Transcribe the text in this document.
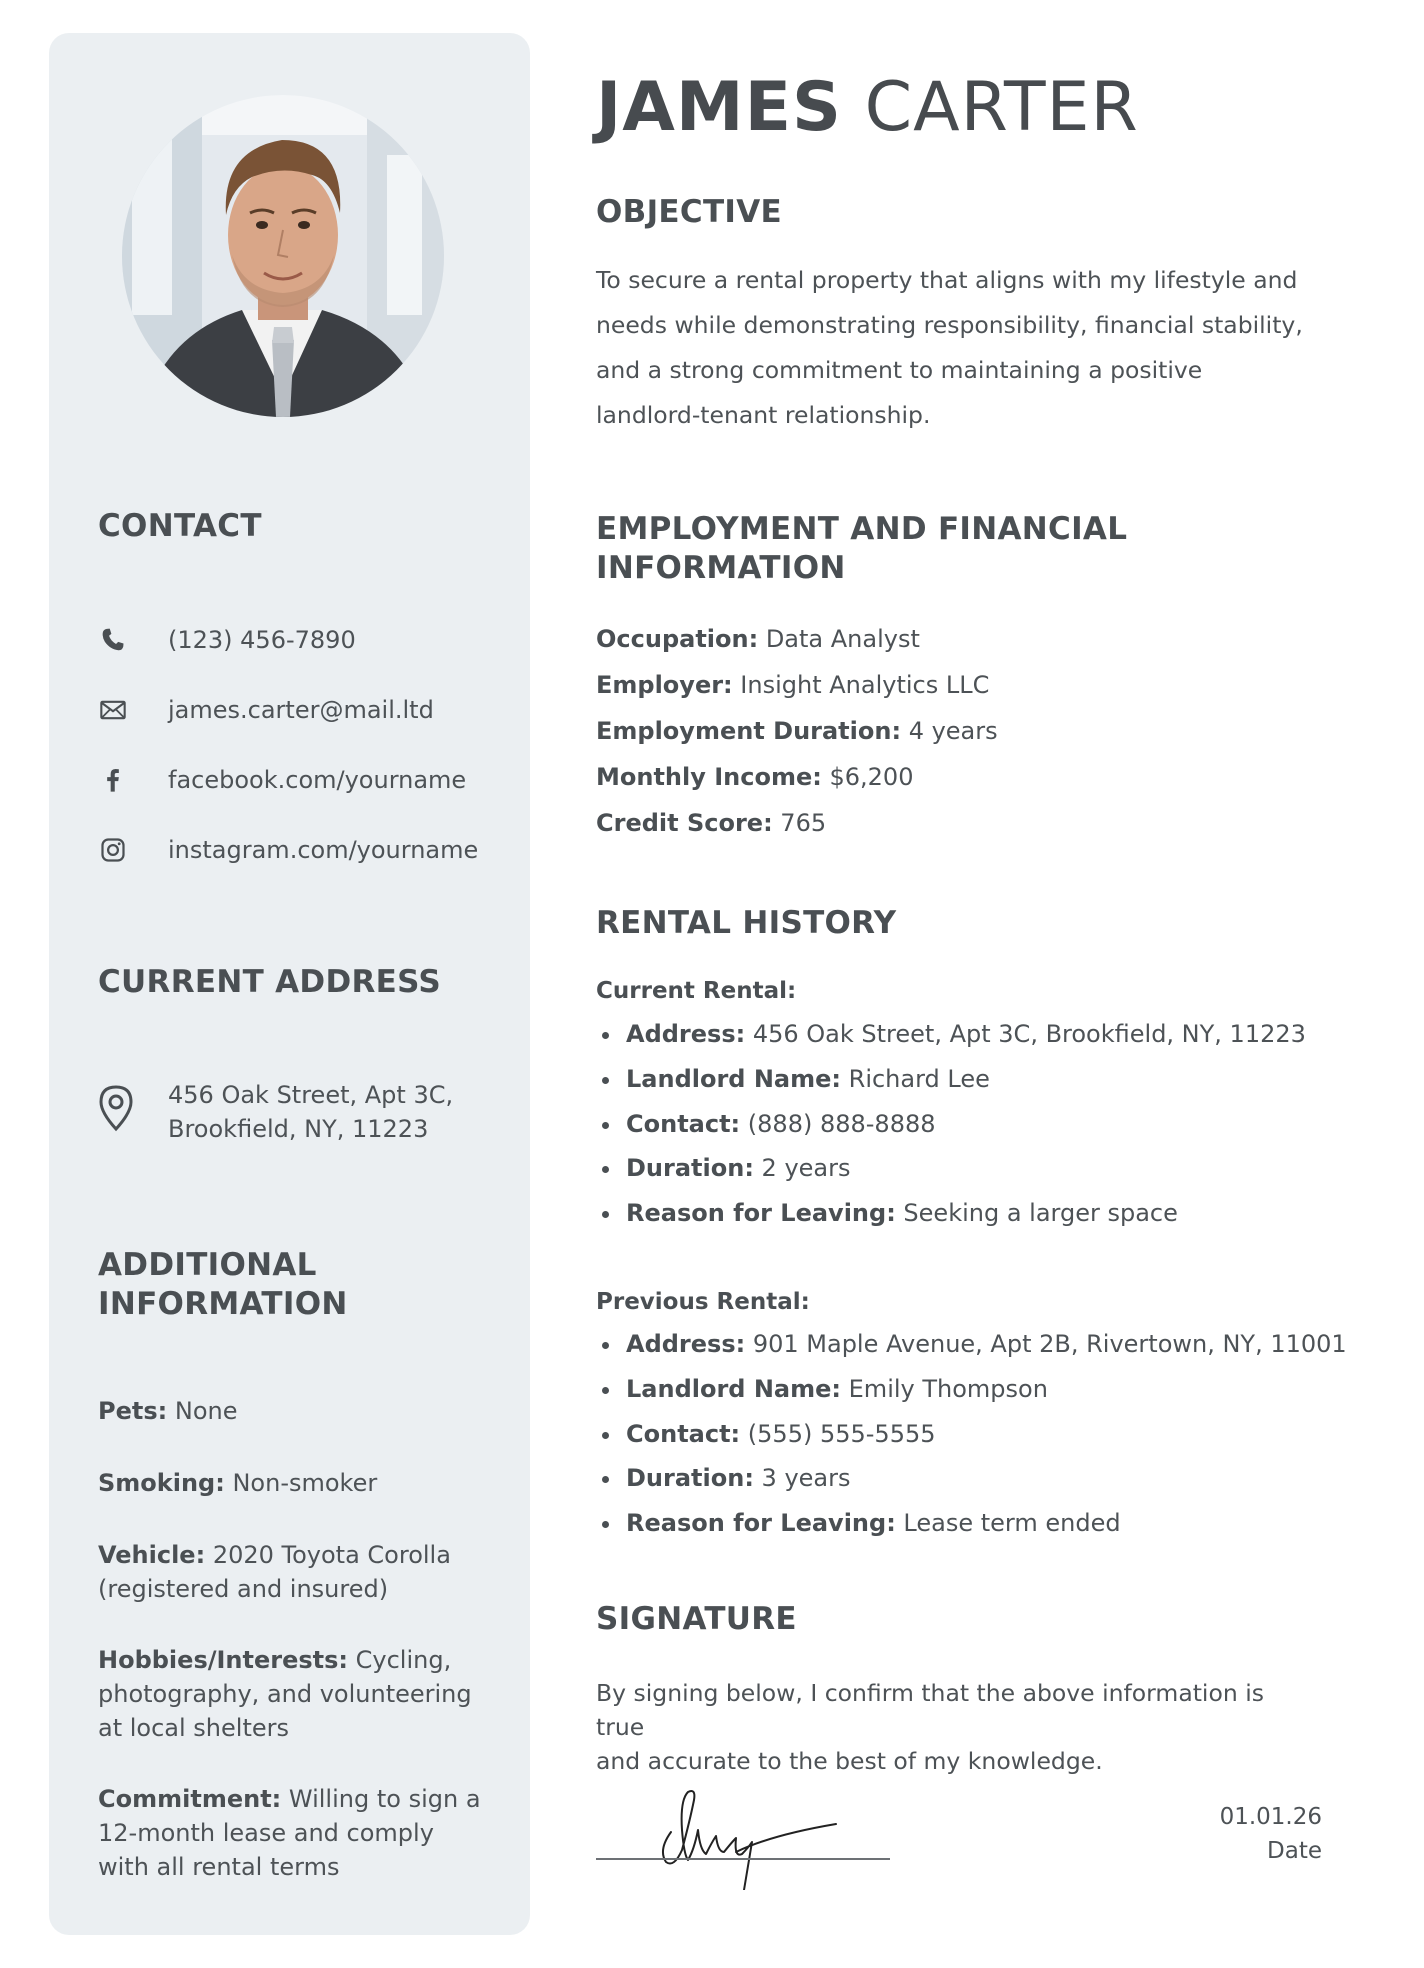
CONTACT
(123) 456-7890
james.carter@mail.ltd
facebook.com/yourname
instagram.com/yourname
CURRENT ADDRESS
456 Oak Street, Apt 3C,
Brookfield, NY, 11223
ADDITIONAL
INFORMATION
Pets: None
Smoking: Non-smoker
Vehicle: 2020 Toyota Corolla (registered and insured)
Hobbies/Interests: Cycling, photography, and volunteering at local shelters
Commitment: Willing to sign a 12-month lease and comply with all rental terms
JAMES CARTER
OBJECTIVE
To secure a rental property that aligns with my lifestyle and
needs while demonstrating responsibility, financial stability,
and a strong commitment to maintaining a positive
landlord-tenant relationship.
EMPLOYMENT AND FINANCIAL
INFORMATION
Occupation: Data Analyst
Employer: Insight Analytics LLC
Employment Duration: 4 years
Monthly Income: $6,200
Credit Score: 765
RENTAL HISTORY
Current Rental:
Address: 456 Oak Street, Apt 3C, Brookfield, NY, 11223
Landlord Name: Richard Lee
Contact: (888) 888-8888
Duration: 2 years
Reason for Leaving: Seeking a larger space
Previous Rental:
Address: 901 Maple Avenue, Apt 2B, Rivertown, NY, 11001
Landlord Name: Emily Thompson
Contact: (555) 555-5555
Duration: 3 years
Reason for Leaving: Lease term ended
SIGNATURE
By signing below, I confirm that the above information is true
and accurate to the best of my knowledge.
01.01.26
Date
